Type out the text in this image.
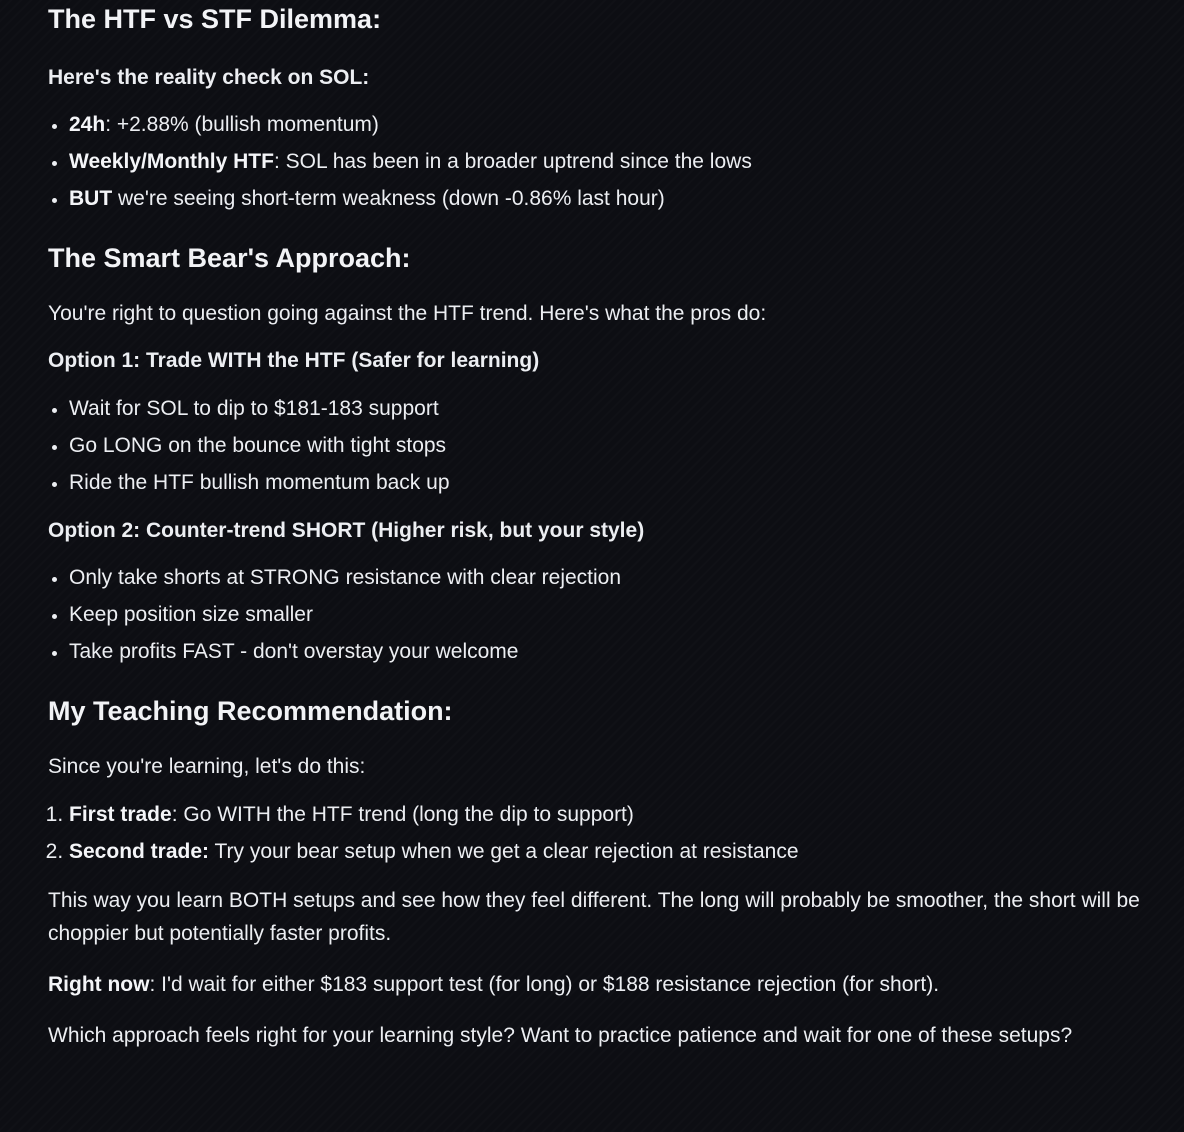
The HTF vs STF Dilemma:

Here's the reality check on SOL:

• 24h: +2.88% (bullish momentum)
• Weekly/Monthly HTF: SOL has been in a broader uptrend since the lows
• BUT we're seeing short-term weakness (down -0.86% last hour)
The Smart Bear's Approach:

You're right to question going against the HTF trend. Here's what the pros do:

Option 1: Trade WITH the HTF (Safer for learning)

• Wait for SOL to dip to $181-183 support
• Go LONG on the bounce with tight stops
• Ride the HTF bullish momentum back up

Option 2: Counter-trend SHORT (Higher risk, but your style)

• Only take shorts at STRONG resistance with clear rejection
• Keep position size smaller
• Take profits FAST - don't overstay your welcome
My Teaching Recommendation:

Since you're learning, let's do this:

1. First trade: Go WITH the HTF trend (long the dip to support)
2. Second trade: Try your bear setup when we get a clear rejection at resistance

This way you learn BOTH setups and see how they feel different. The long will probably be smoother, the short will be choppier but potentially faster profits.

Right now: I'd wait for either $183 support test (for long) or $188 resistance rejection (for short).

Which approach feels right for your learning style? Want to practice patience and wait for one of these setups?
